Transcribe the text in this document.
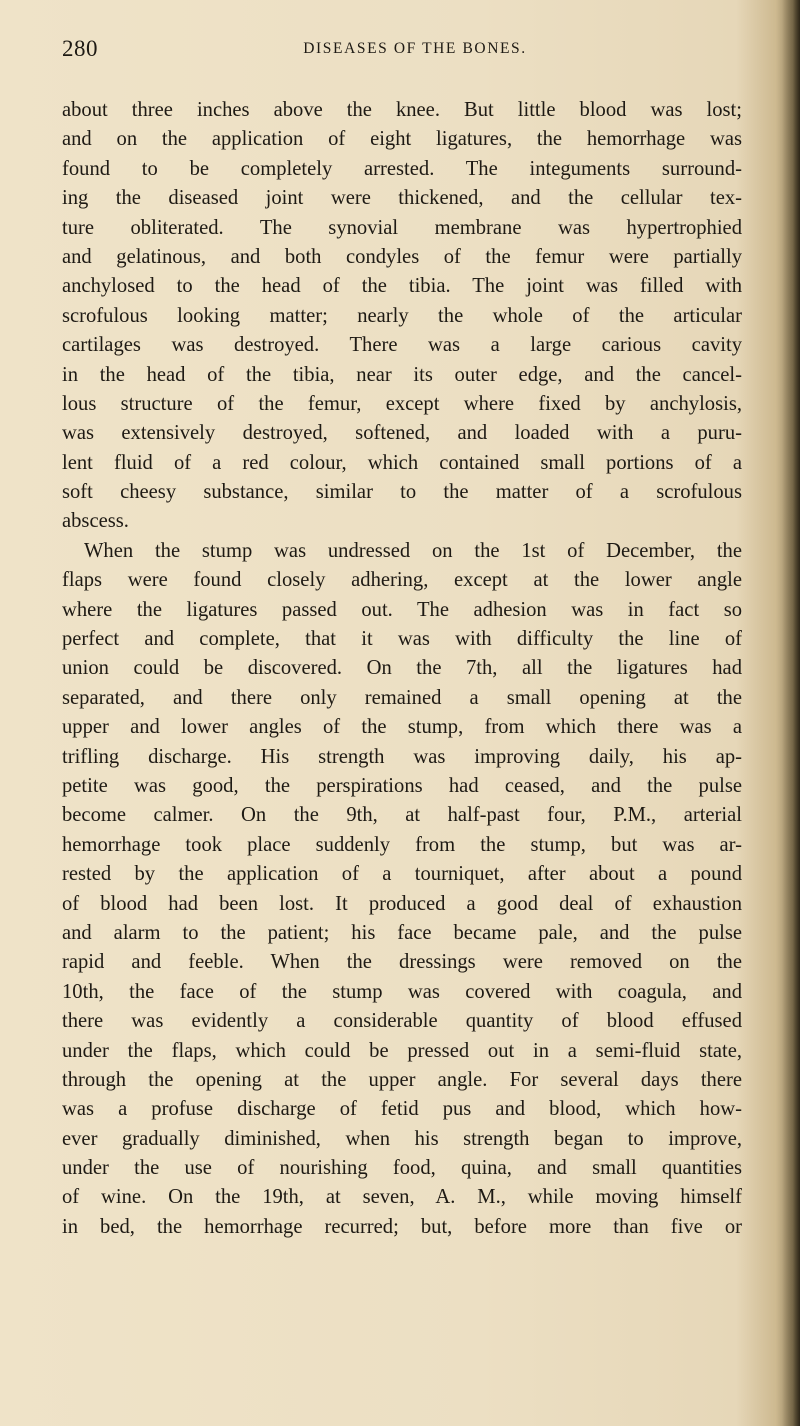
280	DISEASES OF THE BONES.
about three inches above the knee. But little blood was lost;
and on the application of eight ligatures, the hemorrhage was
found to be completely arrested. The integuments surround-
ing the diseased joint were thickened, and the cellular tex-
ture obliterated. The synovial membrane was hypertrophied
and gelatinous, and both condyles of the femur were partially
anchylosed to the head of the tibia. The joint was filled with
scrofulous looking matter; nearly the whole of the articular
cartilages was destroyed. There was a large carious cavity
in the head of the tibia, near its outer edge, and the cancel-
lous structure of the femur, except where fixed by anchylosis,
was extensively destroyed, softened, and loaded with a puru-
lent fluid of a red colour, which contained small portions of a
soft cheesy substance, similar to the matter of a scrofulous
abscess.
When the stump was undressed on the 1st of December, the
flaps were found closely adhering, except at the lower angle
where the ligatures passed out. The adhesion was in fact so
perfect and complete, that it was with difficulty the line of
union could be discovered. On the 7th, all the ligatures had
separated, and there only remained a small opening at the
upper and lower angles of the stump, from which there was a
trifling discharge. His strength was improving daily, his ap-
petite was good, the perspirations had ceased, and the pulse
become calmer. On the 9th, at half-past four, P.M., arterial
hemorrhage took place suddenly from the stump, but was ar-
rested by the application of a tourniquet, after about a pound
of blood had been lost. It produced a good deal of exhaustion
and alarm to the patient; his face became pale, and the pulse
rapid and feeble. When the dressings were removed on the
10th, the face of the stump was covered with coagula, and
there was evidently a considerable quantity of blood effused
under the flaps, which could be pressed out in a semi-fluid state,
through the opening at the upper angle. For several days there
was a profuse discharge of fetid pus and blood, which how-
ever gradually diminished, when his strength began to improve,
under the use of nourishing food, quina, and small quantities
of wine. On the 19th, at seven, A. M., while moving himself
in bed, the hemorrhage recurred; but, before more than five or
